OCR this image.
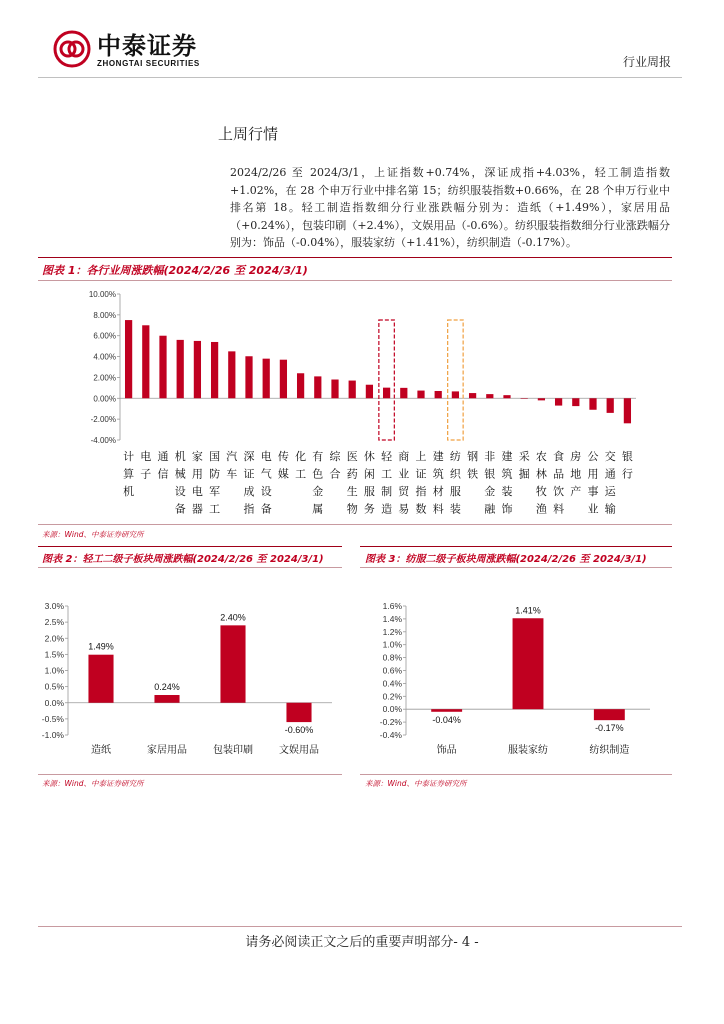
中泰证券
ZHONGTAI SECURITIES	行业周报
上周行情
2024/2/26 至 2024/3/1，上证指数+0.74%，深证成指+4.03%，轻工制造指数+1.02%，在 28 个申万行业中排名第 15；纺织服装指数+0.66%，在 28 个申万行业中排名第 18。轻工制造指数细分行业涨跌幅分别为：造纸（+1.49%），家居用品（+0.24%），包装印刷（+2.4%），文娱用品（-0.6%）。纺织服装指数细分行业涨跌幅分别为：饰品（-0.04%），服装家纺（+1.41%），纺织制造（-0.17%）。
图表 1：各行业周涨跌幅(2024/2/26 至 2024/3/1)
-4.00%
-2.00%
0.00%
2.00%
4.00%
6.00%
8.00%
10.00%
计
算
机
电
子
通
信
机
械
设
备
家
用
电
器
国
防
军
工
汽
车
深
证
成
指
电
气
设
备
传
媒
化
工
有
色
金
属
综
合
医
药
生
物
休
闲
服
务
轻
工
制
造
商
业
贸
易
上
证
指
数
建
筑
材
料
纺
织
服
装
钢
铁
非
银
金
融
建
筑
装
饰
采
掘
农
林
牧
渔
食
品
饮
料
房
地
产
公
用
事
业
交
通
运
输
银
行
来源：Wind、中泰证券研究所
图表 2：轻工二级子板块周涨跌幅(2024/2/26 至 2024/3/1)
-1.0%
-0.5%
0.0%
0.5%
1.0%
1.5%
2.0%
2.5%
3.0%
1.49%
造纸
0.24%
家居用品
2.40%
包装印刷
-0.60%
文娱用品
来源：Wind、中泰证券研究所
图表 3：纺服二级子板块周涨跌幅(2024/2/26 至 2024/3/1)
-0.4%
-0.2%
0.0%
0.2%
0.4%
0.6%
0.8%
1.0%
1.2%
1.4%
1.6%
-0.04%
饰品
1.41%
服装家纺
-0.17%
纺织制造
来源：Wind、中泰证券研究所
请务必阅读正文之后的重要声明部分- 4 -
